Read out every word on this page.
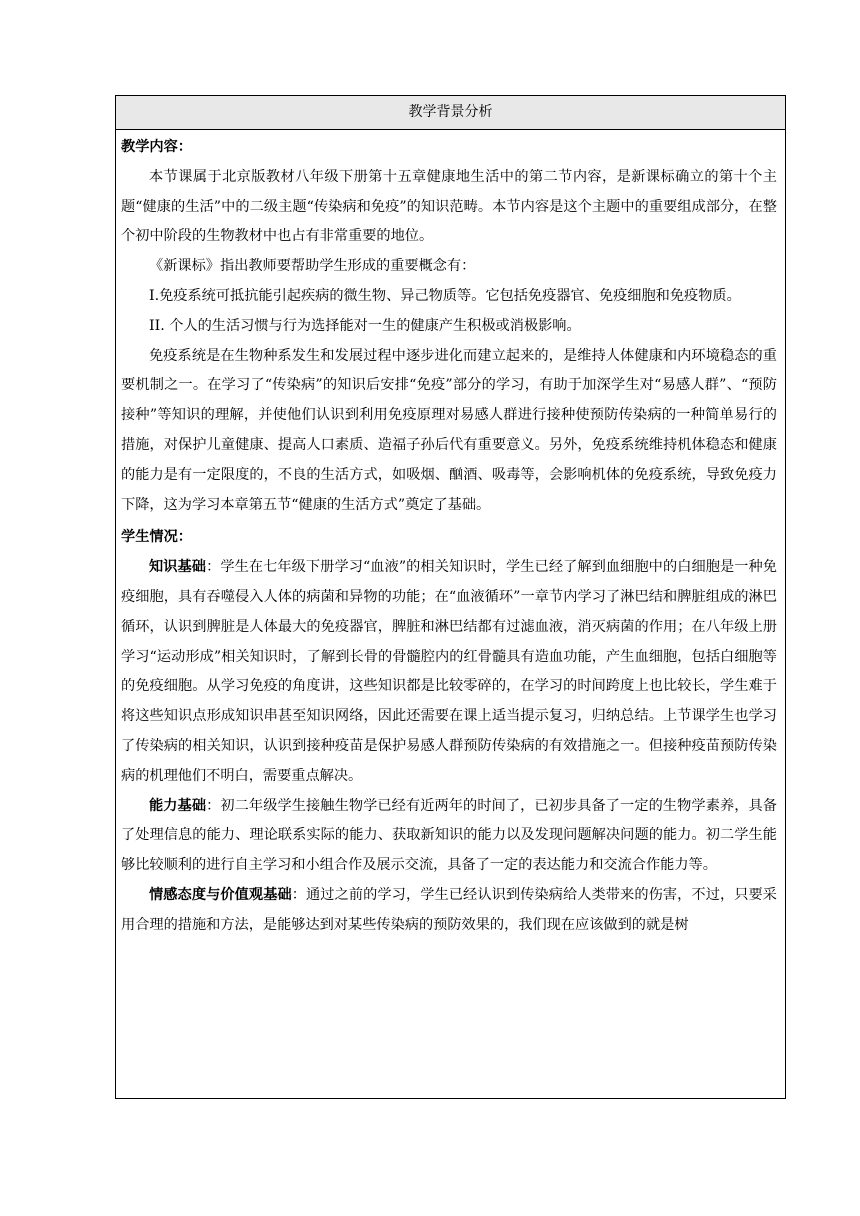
教学背景分析

教学内容：

本节课属于北京版教材八年级下册第十五章健康地生活中的第二节内容，是新课标确立的第十个主题“健康的生活”中的二级主题“传染病和免疫”的知识范畴。本节内容是这个主题中的重要组成部分，在整个初中阶段的生物教材中也占有非常重要的地位。

《新课标》指出教师要帮助学生形成的重要概念有：

I.免疫系统可抵抗能引起疾病的微生物、异己物质等。它包括免疫器官、免疫细胞和免疫物质。

II. 个人的生活习惯与行为选择能对一生的健康产生积极或消极影响。

免疫系统是在生物种系发生和发展过程中逐步进化而建立起来的，是维持人体健康和内环境稳态的重要机制之一。在学习了“传染病”的知识后安排“免疫”部分的学习，有助于加深学生对“易感人群”、“预防接种”等知识的理解，并使他们认识到利用免疫原理对易感人群进行接种使预防传染病的一种简单易行的措施，对保护儿童健康、提高人口素质、造福子孙后代有重要意义。另外，免疫系统维持机体稳态和健康的能力是有一定限度的，不良的生活方式，如吸烟、酗酒、吸毒等，会影响机体的免疫系统，导致免疫力下降，这为学习本章第五节“健康的生活方式”奠定了基础。

学生情况：

知识基础：学生在七年级下册学习“血液”的相关知识时，学生已经了解到血细胞中的白细胞是一种免疫细胞，具有吞噬侵入人体的病菌和异物的功能；在“血液循环”一章节内学习了淋巴结和脾脏组成的淋巴循环，认识到脾脏是人体最大的免疫器官，脾脏和淋巴结都有过滤血液，消灭病菌的作用；在八年级上册学习“运动形成”相关知识时，了解到长骨的骨髓腔内的红骨髓具有造血功能，产生血细胞，包括白细胞等的免疫细胞。从学习免疫的角度讲，这些知识都是比较零碎的，在学习的时间跨度上也比较长，学生难于将这些知识点形成知识串甚至知识网络，因此还需要在课上适当提示复习，归纳总结。上节课学生也学习了传染病的相关知识，认识到接种疫苗是保护易感人群预防传染病的有效措施之一。但接种疫苗预防传染病的机理他们不明白，需要重点解决。

能力基础：初二年级学生接触生物学已经有近两年的时间了，已初步具备了一定的生物学素养，具备了处理信息的能力、理论联系实际的能力、获取新知识的能力以及发现问题解决问题的能力。初二学生能够比较顺利的进行自主学习和小组合作及展示交流，具备了一定的表达能力和交流合作能力等。

情感态度与价值观基础：通过之前的学习，学生已经认识到传染病给人类带来的伤害，不过，只要采用合理的措施和方法，是能够达到对某些传染病的预防效果的，我们现在应该做到的就是树
